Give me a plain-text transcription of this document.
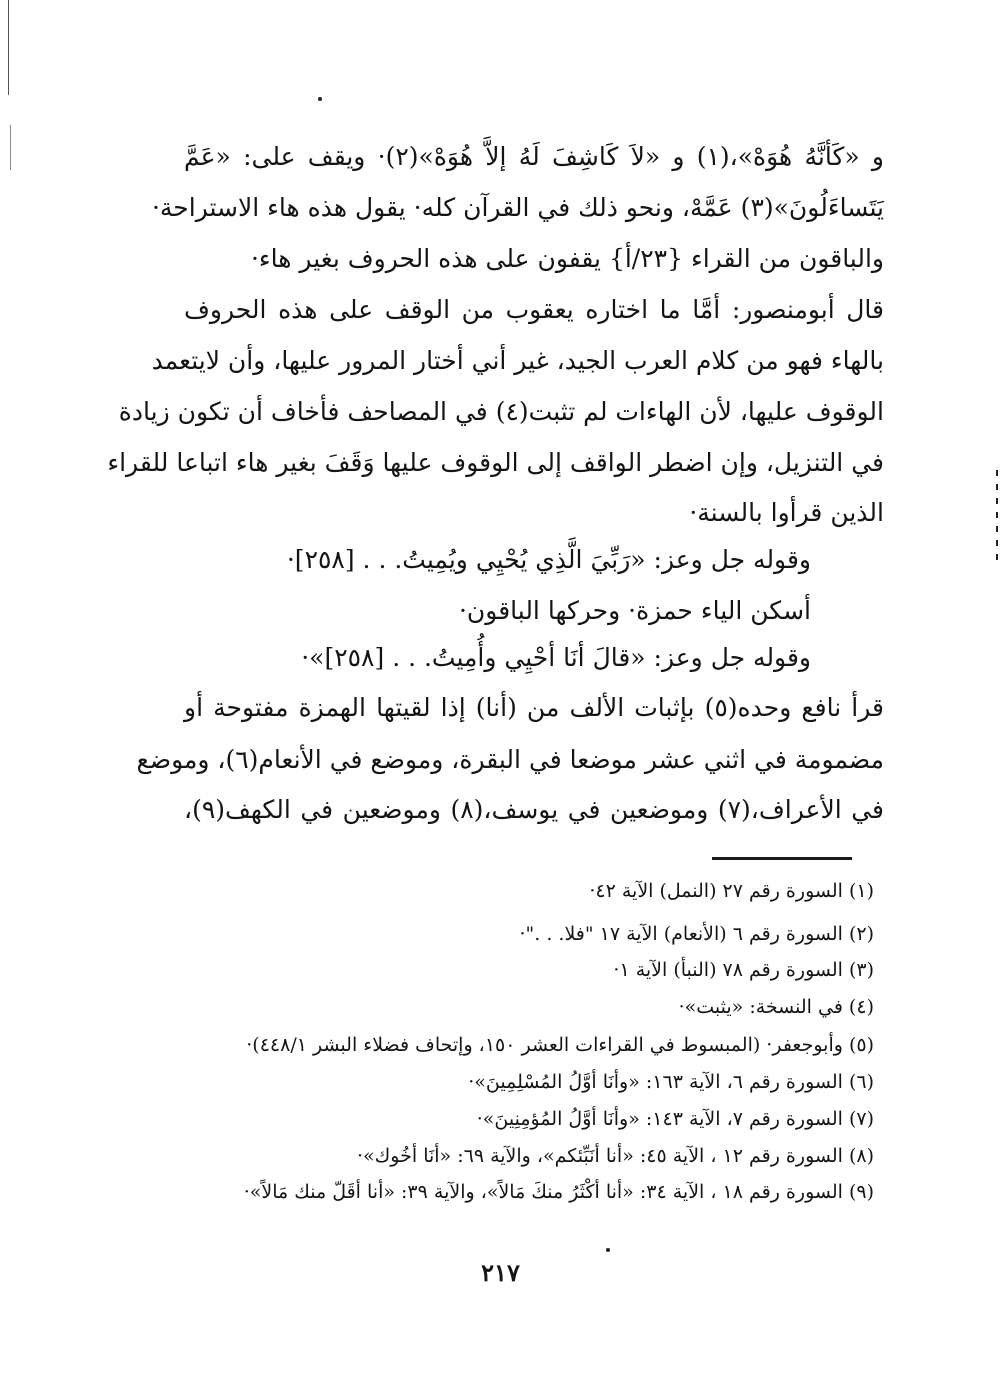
و «كَأنَّهُ هُوَهْ»،(١) و «لاَ كَاشِفَ لَهُ إلاَّ هُوَهْ»(٢)· ويقف على: «عَمَّ
يَتَساءَلُونَ»(٣) عَمَّهْ، ونحو ذلك في القرآن كله· يقول هذه هاء الاستراحة·
والباقون من القراء {٢٣/أ} يقفون على هذه الحروف بغير هاء·
قال أبومنصور: أمَّا ما اختاره يعقوب من الوقف على هذه الحروف
بالهاء فهو من كلام العرب الجيد، غير أني أختار المرور عليها، وأن لايتعمد
الوقوف عليها، لأن الهاءات لم تثبت(٤) في المصاحف فأخاف أن تكون زيادة
في التنزيل، وإن اضطر الواقف إلى الوقوف عليها وَقَفَ بغير هاء اتباعا للقراء
الذين قرأوا بالسنة·
وقوله جل وعز: «رَبِّيَ الَّذِي يُحْيِي ويُمِيتُ. . . [٢٥٨]·
أسكن الياء حمزة· وحركها الباقون·
وقوله جل وعز: «قالَ أنَا أحْيِي وأُمِيتُ. . . [٢٥٨]»·
قرأ نافع وحده(٥) بإثبات الألف من (أنا) إذا لقيتها الهمزة مفتوحة أو
مضمومة في اثني عشر موضعا في البقرة، وموضع في الأنعام(٦)، وموضع
في الأعراف،(٧) وموضعين في يوسف،(٨) وموضعين في الكهف(٩)،
(١) السورة رقم ٢٧ (النمل) الآية ٤٢·
(٢) السورة رقم ٦ (الأنعام) الآية ١٧ "فلا. . ."·
(٣) السورة رقم ٧٨ (النبأ) الآية ١·
(٤) في النسخة: «يثبت»·
(٥) وأبوجعفر· (المبسوط في القراءات العشر ١٥٠، وإتحاف فضلاء البشر ٤٤٨/١)·
(٦) السورة رقم ٦، الآية ١٦٣: «وأنَا أوَّلُ المُسْلِمِينَ»·
(٧) السورة رقم ٧، الآية ١٤٣: «وأنَا أوَّلُ المُؤمِنِينَ»·
(٨) السورة رقم ١٢ ، الآية ٤٥: «أنا أنَبِّئكم»، والآية ٦٩: «أنَا أخُوك»·
(٩) السورة رقم ١٨ ، الآية ٣٤: «أنا أكْثَرُ منكَ مَالاً»، والآية ٣٩: «أنا أقَلّ منك مَالاً»·
٢١٧
